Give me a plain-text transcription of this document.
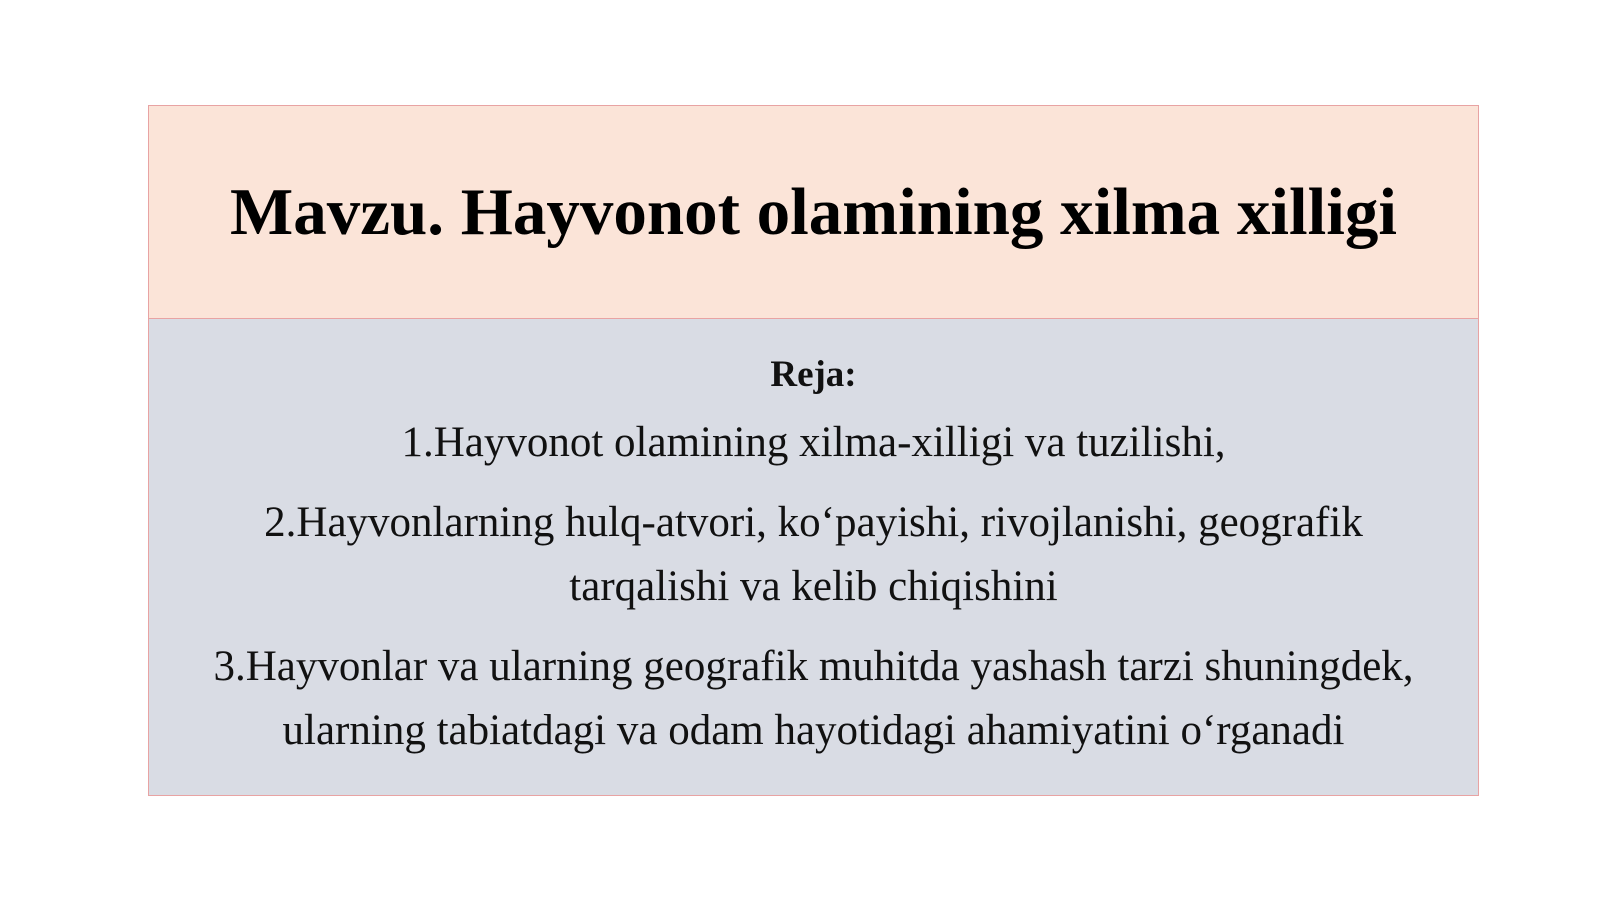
Mavzu. Hayvonot olamining xilma xilligi

Reja:

1.Hayvonot olamining xilma-xilligi va tuzilishi,
2.Hayvonlarning hulq-atvori, ko‘payishi, rivojlanishi, geografik
tarqalishi va kelib chiqishini
3.Hayvonlar va ularning geografik muhitda yashash tarzi shuningdek,
ularning tabiatdagi va odam hayotidagi ahamiyatini o‘rganadi
